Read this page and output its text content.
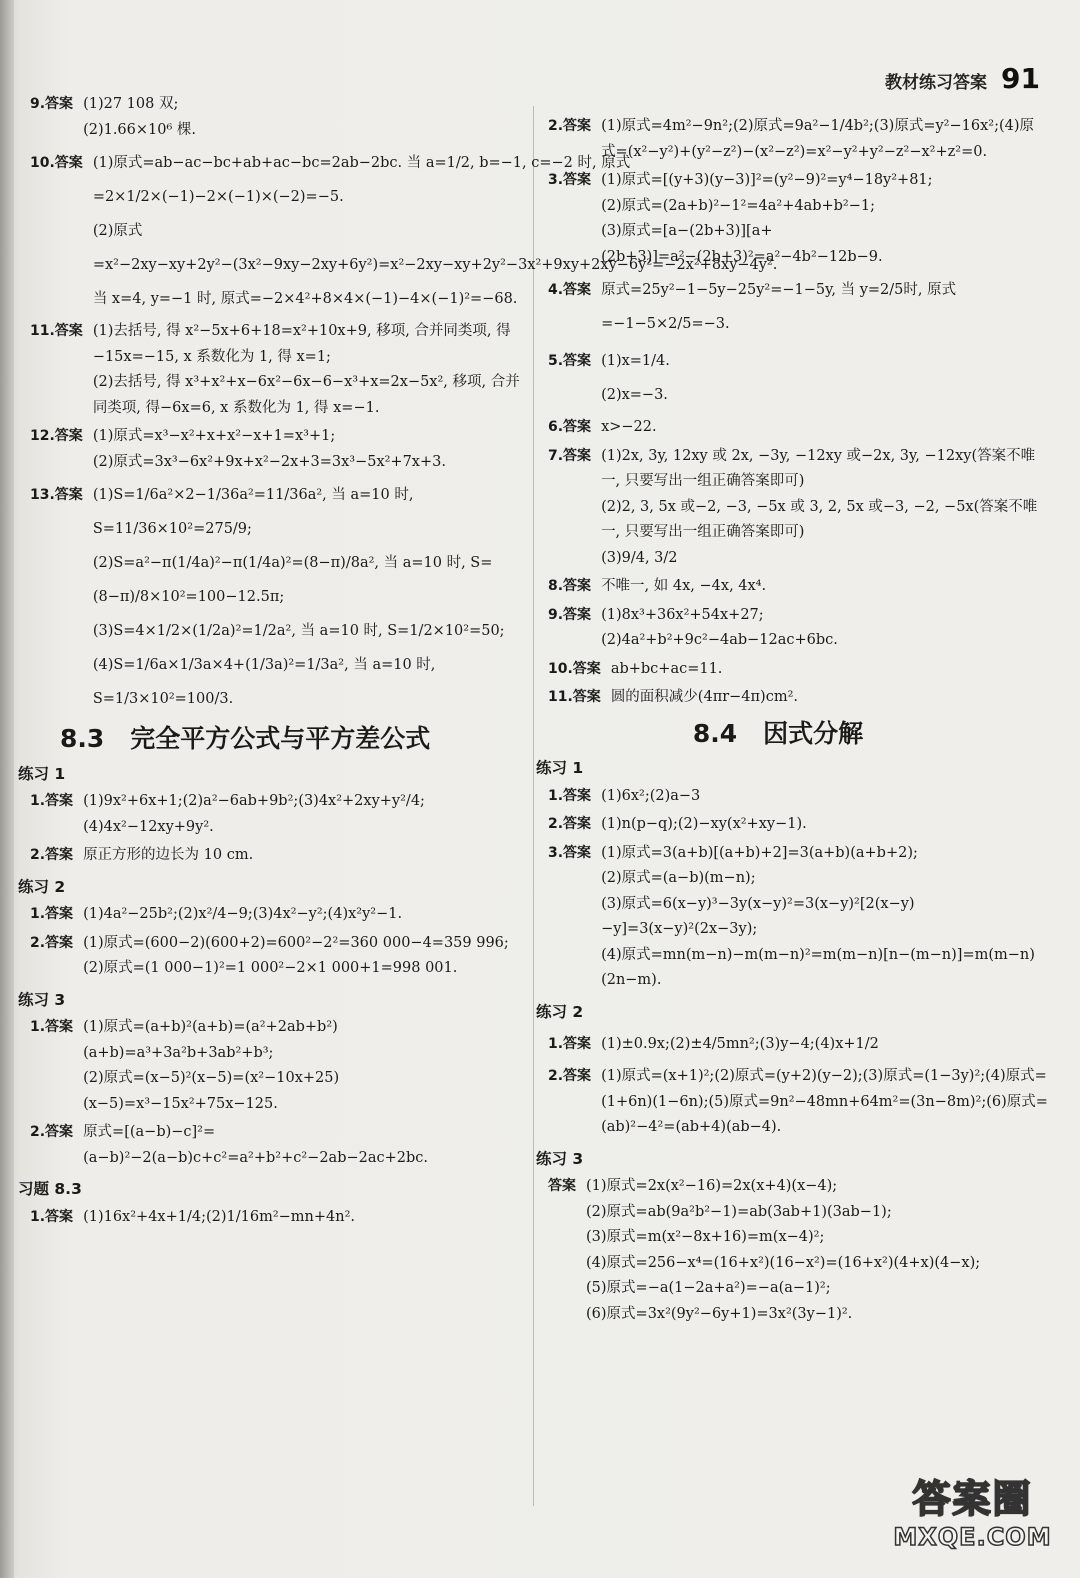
教材练习答案 91
9.答案 (1)27 108 双;
(2)1.66×10⁶ 棵.
10.答案 (1)原式=ab−ac−bc+ab+ac−bc=2ab−2bc. 当 a=1/2, b=−1, c=−2 时, 原式=2×1/2×(−1)−2×(−1)×(−2)=−5.
(2)原式=x²−2xy−xy+2y²−(3x²−9xy−2xy+6y²)=x²−2xy−xy+2y²−3x²+9xy+2xy−6y²=−2x²+8xy−4y².
当 x=4, y=−1 时, 原式=−2×4²+8×4×(−1)−4×(−1)²=−68.
11.答案 (1)去括号, 得 x²−5x+6+18=x²+10x+9, 移项, 合并同类项, 得−15x=−15, x 系数化为 1, 得 x=1;
(2)去括号, 得 x³+x²+x−6x²−6x−6−x³+x=2x−5x², 移项, 合并同类项, 得−6x=6, x 系数化为 1, 得 x=−1.
12.答案 (1)原式=x³−x²+x+x²−x+1=x³+1;
(2)原式=3x³−6x²+9x+x²−2x+3=3x³−5x²+7x+3.
13.答案 (1)S=1/6a²×2−1/36a²=11/36a², 当 a=10 时, S=11/36×10²=275/9;
(2)S=a²−π(1/4a)²−π(1/4a)²=(8−π)/8a², 当 a=10 时, S=(8−π)/8×10²=100−12.5π;
(3)S=4×1/2×(1/2a)²=1/2a², 当 a=10 时, S=1/2×10²=50;
(4)S=1/6a×1/3a×4+(1/3a)²=1/3a², 当 a=10 时, S=1/3×10²=100/3.
8.3 完全平方公式与平方差公式
练习 1
1.答案 (1)9x²+6x+1;(2)a²−6ab+9b²;(3)4x²+2xy+y²/4;
(4)4x²−12xy+9y².
2.答案 原正方形的边长为 10 cm.
练习 2
1.答案 (1)4a²−25b²;(2)x²/4−9;(3)4x²−y²;(4)x²y²−1.
2.答案 (1)原式=(600−2)(600+2)=600²−2²=360 000−4=359 996;
(2)原式=(1 000−1)²=1 000²−2×1 000+1=998 001.
练习 3
1.答案 (1)原式=(a+b)²(a+b)=(a²+2ab+b²)(a+b)=a³+3a²b+3ab²+b³;
(2)原式=(x−5)²(x−5)=(x²−10x+25)(x−5)=x³−15x²+75x−125.
2.答案 原式=[(a−b)−c]²=(a−b)²−2(a−b)c+c²=a²+b²+c²−2ab−2ac+2bc.
习题 8.3
1.答案 (1)16x²+4x+1/4;(2)1/16m²−mn+4n².
2.答案 (1)原式=4m²−9n²;(2)原式=9a²−1/4b²;(3)原式=y²−16x²;(4)原式=(x²−y²)+(y²−z²)−(x²−z²)=x²−y²+y²−z²−x²+z²=0.
3.答案 (1)原式=[(y+3)(y−3)]²=(y²−9)²=y⁴−18y²+81;
(2)原式=(2a+b)²−1²=4a²+4ab+b²−1;
(3)原式=[a−(2b+3)][a+(2b+3)]=a²−(2b+3)²=a²−4b²−12b−9.
4.答案 原式=25y²−1−5y−25y²=−1−5y, 当 y=2/5时, 原式=−1−5×2/5=−3.
5.答案 (1)x=1/4.
(2)x=−3.
6.答案 x>−22.
7.答案 (1)2x, 3y, 12xy 或 2x, −3y, −12xy 或−2x, 3y, −12xy(答案不唯一, 只要写出一组正确答案即可)
(2)2, 3, 5x 或−2, −3, −5x 或 3, 2, 5x 或−3, −2, −5x(答案不唯一, 只要写出一组正确答案即可)
(3)9/4, 3/2
8.答案 不唯一, 如 4x, −4x, 4x⁴.
9.答案 (1)8x³+36x²+54x+27;
(2)4a²+b²+9c²−4ab−12ac+6bc.
10.答案 ab+bc+ac=11.
11.答案 圆的面积减少(4πr−4π)cm².
8.4 因式分解
练习 1
1.答案 (1)6x²;(2)a−3
2.答案 (1)n(p−q);(2)−xy(x²+xy−1).
3.答案 (1)原式=3(a+b)[(a+b)+2]=3(a+b)(a+b+2);
(2)原式=(a−b)(m−n);
(3)原式=6(x−y)³−3y(x−y)²=3(x−y)²[2(x−y)−y]=3(x−y)²(2x−3y);
(4)原式=mn(m−n)−m(m−n)²=m(m−n)[n−(m−n)]=m(m−n)(2n−m).
练习 2
1.答案 (1)±0.9x;(2)±4/5mn²;(3)y−4;(4)x+1/2
2.答案 (1)原式=(x+1)²;(2)原式=(y+2)(y−2);(3)原式=(1−3y)²;(4)原式=(1+6n)(1−6n);(5)原式=9n²−48mn+64m²=(3n−8m)²;(6)原式=(ab)²−4²=(ab+4)(ab−4).
练习 3
答案 (1)原式=2x(x²−16)=2x(x+4)(x−4);
(2)原式=ab(9a²b²−1)=ab(3ab+1)(3ab−1);
(3)原式=m(x²−8x+16)=m(x−4)²;
(4)原式=256−x⁴=(16+x²)(16−x²)=(16+x²)(4+x)(4−x);
(5)原式=−a(1−2a+a²)=−a(a−1)²;
(6)原式=3x²(9y²−6y+1)=3x²(3y−1)².
答案圈
MXQE.COM
